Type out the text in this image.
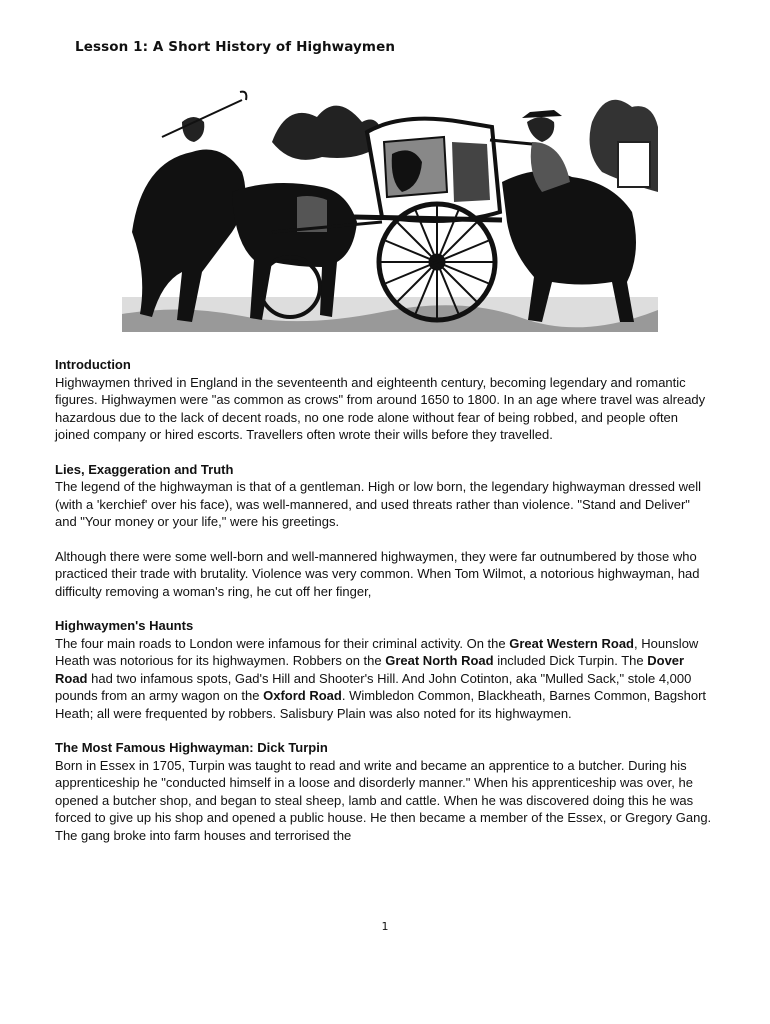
Lesson 1: A Short History of Highwaymen
Introduction

Highwaymen thrived in England in the seventeenth and eighteenth century, becoming legendary and romantic figures. Highwaymen were "as common as crows" from around 1650 to 1800. In an age where travel was already hazardous due to the lack of decent roads, no one rode alone without fear of being robbed, and people often joined company or hired escorts. Travellers often wrote their wills before they travelled.

Lies, Exaggeration and Truth

The legend of the highwayman is that of a gentleman. High or low born, the legendary highwayman dressed well (with a 'kerchief' over his face), was well-mannered, and used threats rather than violence. "Stand and Deliver" and "Your money or your life," were his greetings.

Although there were some well-born and well-mannered highwaymen, they were far outnumbered by those who practiced their trade with brutality. Violence was very common. When Tom Wilmot, a notorious highwayman, had difficulty removing a woman's ring, he cut off her finger,

Highwaymen's Haunts

The four main roads to London were infamous for their criminal activity. On the Great Western Road, Hounslow Heath was notorious for its highwaymen. Robbers on the Great North Road included Dick Turpin. The Dover Road had two infamous spots, Gad's Hill and Shooter's Hill. And John Cotinton, aka "Mulled Sack," stole 4,000 pounds from an army wagon on the Oxford Road. Wimbledon Common, Blackheath, Barnes Common, Bagshort Heath; all were frequented by robbers. Salisbury Plain was also noted for its highwaymen.

The Most Famous Highwayman: Dick Turpin

Born in Essex in 1705, Turpin was taught to read and write and became an apprentice to a butcher. During his apprenticeship he "conducted himself in a loose and disorderly manner." When his apprenticeship was over, he opened a butcher shop, and began to steal sheep, lamb and cattle. When he was discovered doing this he was forced to give up his shop and opened a public house. He then became a member of the Essex, or Gregory Gang. The gang broke into farm houses and terrorised the

1
